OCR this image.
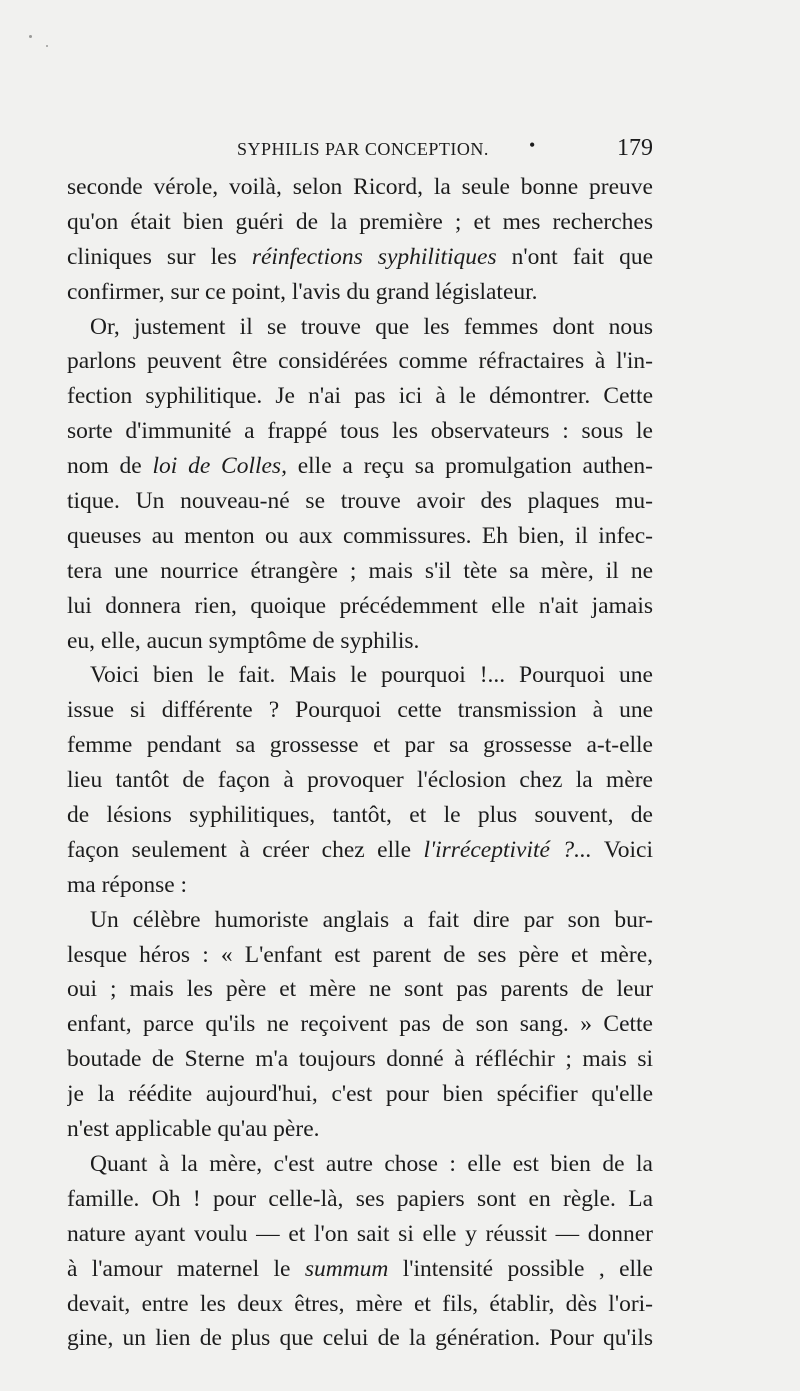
SYPHILIS PAR CONCEPTION. •	179
seconde vérole, voilà, selon Ricord, la seule bonne preuve
qu'on était bien guéri de la première ; et mes recherches
cliniques sur les réinfections syphilitiques n'ont fait que
confirmer, sur ce point, l'avis du grand législateur.
Or, justement il se trouve que les femmes dont nous
parlons peuvent être considérées comme réfractaires à l'in-
fection syphilitique. Je n'ai pas ici à le démontrer. Cette
sorte d'immunité a frappé tous les observateurs : sous le
nom de loi de Colles, elle a reçu sa promulgation authen-
tique. Un nouveau-né se trouve avoir des plaques mu-
queuses au menton ou aux commissures. Eh bien, il infec-
tera une nourrice étrangère ; mais s'il tète sa mère, il ne
lui donnera rien, quoique précédemment elle n'ait jamais
eu, elle, aucun symptôme de syphilis.
Voici bien le fait. Mais le pourquoi !... Pourquoi une
issue si différente ? Pourquoi cette transmission à une
femme pendant sa grossesse et par sa grossesse a-t-elle
lieu tantôt de façon à provoquer l'éclosion chez la mère
de lésions syphilitiques, tantôt, et le plus souvent, de
façon seulement à créer chez elle l'irréceptivité ?... Voici
ma réponse :
Un célèbre humoriste anglais a fait dire par son bur-
lesque héros : « L'enfant est parent de ses père et mère,
oui ; mais les père et mère ne sont pas parents de leur
enfant, parce qu'ils ne reçoivent pas de son sang. » Cette
boutade de Sterne m'a toujours donné à réfléchir ; mais si
je la réédite aujourd'hui, c'est pour bien spécifier qu'elle
n'est applicable qu'au père.
Quant à la mère, c'est autre chose : elle est bien de la
famille. Oh ! pour celle-là, ses papiers sont en règle. La
nature ayant voulu — et l'on sait si elle y réussit — donner
à l'amour maternel le summum l'intensité possible , elle
devait, entre les deux êtres, mère et fils, établir, dès l'ori-
gine, un lien de plus que celui de la génération. Pour qu'ils
